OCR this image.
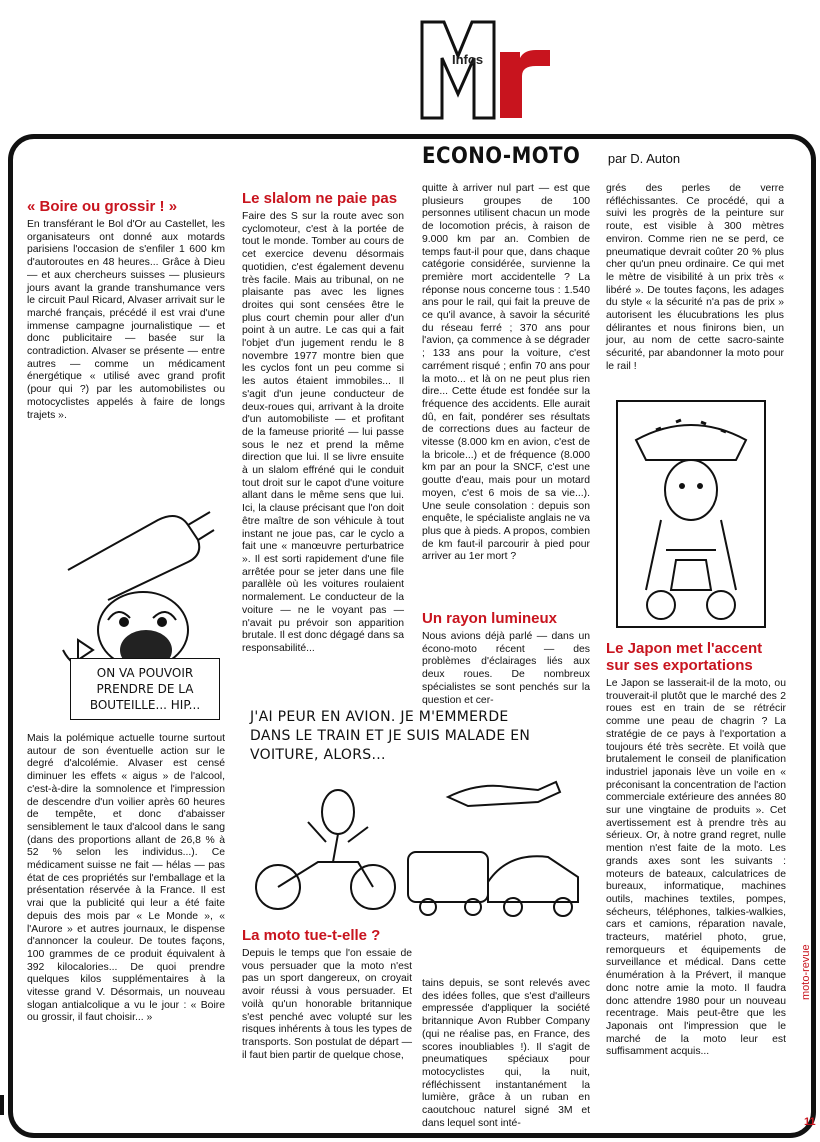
Infos
ECONO-MOTO par D. Auton
« Boire ou grossir ! »

En transférant le Bol d'Or au Castellet, les organisateurs ont donné aux motards parisiens l'occasion de s'enfiler 1 600 km d'autoroutes en 48 heures... Grâce à Dieu — et aux chercheurs suisses — plusieurs jours avant la grande transhumance vers le circuit Paul Ricard, Alvaser arrivait sur le marché français, précédé il est vrai d'une immense campagne journalistique — et donc publicitaire — basée sur la contradiction. Alvaser se présente — entre autres — comme un médicament énergétique « utilisé avec grand profit (pour qui ?) par les automobilistes ou motocyclistes appelés à faire de longs trajets ».

ON VA POUVOIR PRENDRE DE LA BOUTEILLE... HIP...

Mais la polémique actuelle tourne surtout autour de son éventuelle action sur le degré d'alcolémie. Alvaser est censé diminuer les effets « aigus » de l'alcool, c'est-à-dire la somnolence et l'impression de descendre d'un voilier après 60 heures de tempête, et donc d'abaisser sensiblement le taux d'alcool dans le sang (dans des proportions allant de 26,8 % à 52 % selon les individus...). Ce médicament suisse ne fait — hélas — pas état de ces propriétés sur l'emballage et la présentation réservée à la France. Il est vrai que la publicité qui leur a été faite depuis des mois par « Le Monde », « l'Aurore » et autres journaux, le dispense d'annoncer la couleur. De toutes façons, 100 grammes de ce produit équivalent à 392 kilocalories... De quoi prendre quelques kilos supplémentaires à la vitesse grand V. Désormais, un nouveau slogan antialcolique a vu le jour : « Boire ou grossir, il faut choisir... »

Le slalom ne paie pas

Faire des S sur la route avec son cyclomoteur, c'est à la portée de tout le monde. Tomber au cours de cet exercice devenu désormais quotidien, c'est également devenu très facile. Mais au tribunal, on ne plaisante pas avec les lignes droites qui sont censées être le plus court chemin pour aller d'un point à un autre. Le cas qui a fait l'objet d'un jugement rendu le 8 novembre 1977 montre bien que les cyclos font un peu comme si les autos étaient immobiles... Il s'agit d'un jeune conducteur de deux-roues qui, arrivant à la droite d'un automobiliste — et profitant de la fameuse priorité — lui passe sous le nez et prend la même direction que lui. Il se livre ensuite à un slalom effréné qui le conduit tout droit sur le capot d'une voiture allant dans le même sens que lui. Ici, la clause précisant que l'on doit être maître de son véhicule à tout instant ne joue pas, car le cyclo a fait une « manœuvre perturbatrice ». Il est sorti rapidement d'une file arrêtée pour se jeter dans une file parallèle où les voitures roulaient normalement. Le conducteur de la voiture — ne le voyant pas — n'avait pu prévoir son apparition brutale. Il est donc dégagé dans sa responsabilité...

J'AI PEUR EN AVION. JE M'EMMERDE DANS LE TRAIN ET JE SUIS MALADE EN VOITURE, ALORS...
La moto tue-t-elle ?

Depuis le temps que l'on essaie de vous persuader que la moto n'est pas un sport dangereux, on croyait avoir réussi à vous persuader. Et voilà qu'un honorable britannique s'est penché avec volupté sur les risques inhérents à tous les types de transports. Son postulat de départ — il faut bien partir de quelque chose,

quitte à arriver nul part — est que plusieurs groupes de 100 personnes utilisent chacun un mode de locomotion précis, à raison de 9.000 km par an. Combien de temps faut-il pour que, dans chaque catégorie considérée, survienne la première mort accidentelle ? La réponse nous concerne tous : 1.540 ans pour le rail, qui fait la preuve de ce qu'il avance, à savoir la sécurité du réseau ferré ; 370 ans pour l'avion, ça commence à se dégrader ; 133 ans pour la voiture, c'est carrément risqué ; enfin 70 ans pour la moto... et là on ne peut plus rien dire... Cette étude est fondée sur la fréquence des accidents. Elle aurait dû, en fait, pondérer ses résultats de corrections dues au facteur de vitesse (8.000 km en avion, c'est de la bricole...) et de fréquence (8.000 km par an pour la SNCF, c'est une goutte d'eau, mais pour un motard moyen, c'est 6 mois de sa vie...). Une seule consolation : depuis son enquête, le spécialiste anglais ne va plus que à pieds. A propos, combien de km faut-il parcourir à pied pour arriver au 1er mort ?

Un rayon lumineux

Nous avions déjà parlé — dans un écono-moto récent — des problèmes d'éclairages liés aux deux roues. De nombreux spécialistes se sont penchés sur la question et cer-

tains depuis, se sont relevés avec des idées folles, que s'est d'ailleurs empressée d'appliquer la société britannique Avon Rubber Company (qui ne réalise pas, en France, des scores inoubliables !). Il s'agit de pneumatiques spéciaux pour motocyclistes qui, la nuit, réfléchissent instantanément la lumière, grâce à un ruban en caoutchouc naturel signé 3M et dans lequel sont inté-

grés des perles de verre réfléchissantes. Ce procédé, qui a suivi les progrès de la peinture sur route, est visible à 300 mètres environ. Comme rien ne se perd, ce pneumatique devrait coûter 20 % plus cher qu'un pneu ordinaire. Ce qui met le mètre de visibilité à un prix très « libéré ». De toutes façons, les adages du style « la sécurité n'a pas de prix » autorisent les élucubrations les plus délirantes et nous finirons bien, un jour, au nom de cette sacro-sainte sécurité, par abandonner la moto pour le rail !

Le Japon met l'accent sur ses exportations

Le Japon se lasserait-il de la moto, ou trouverait-il plutôt que le marché des 2 roues est en train de se rétrécir comme une peau de chagrin ? La stratégie de ce pays à l'exportation a toujours été très secrète. Et voilà que brutalement le conseil de planification industriel japonais lève un voile en « préconisant la concentration de l'action commerciale extérieure des années 80 sur une vingtaine de produits ». Cet avertissement est à prendre très au sérieux. Or, à notre grand regret, nulle mention n'est faite de la moto. Les grands axes sont les suivants : moteurs de bateaux, calculatrices de bureaux, informatique, machines outils, machines textiles, pompes, sécheurs, téléphones, talkies-walkies, cars et camions, réparation navale, tracteurs, matériel photo, grue, remorqueurs et équipements de surveillance et médical. Dans cette énumération à la Prévert, il manque donc notre amie la moto. Il faudra donc attendre 1980 pour un nouveau recentrage. Mais peut-être que les Japonais ont l'impression que le marché de la moto leur est suffisamment acquis...

moto-revue
11
